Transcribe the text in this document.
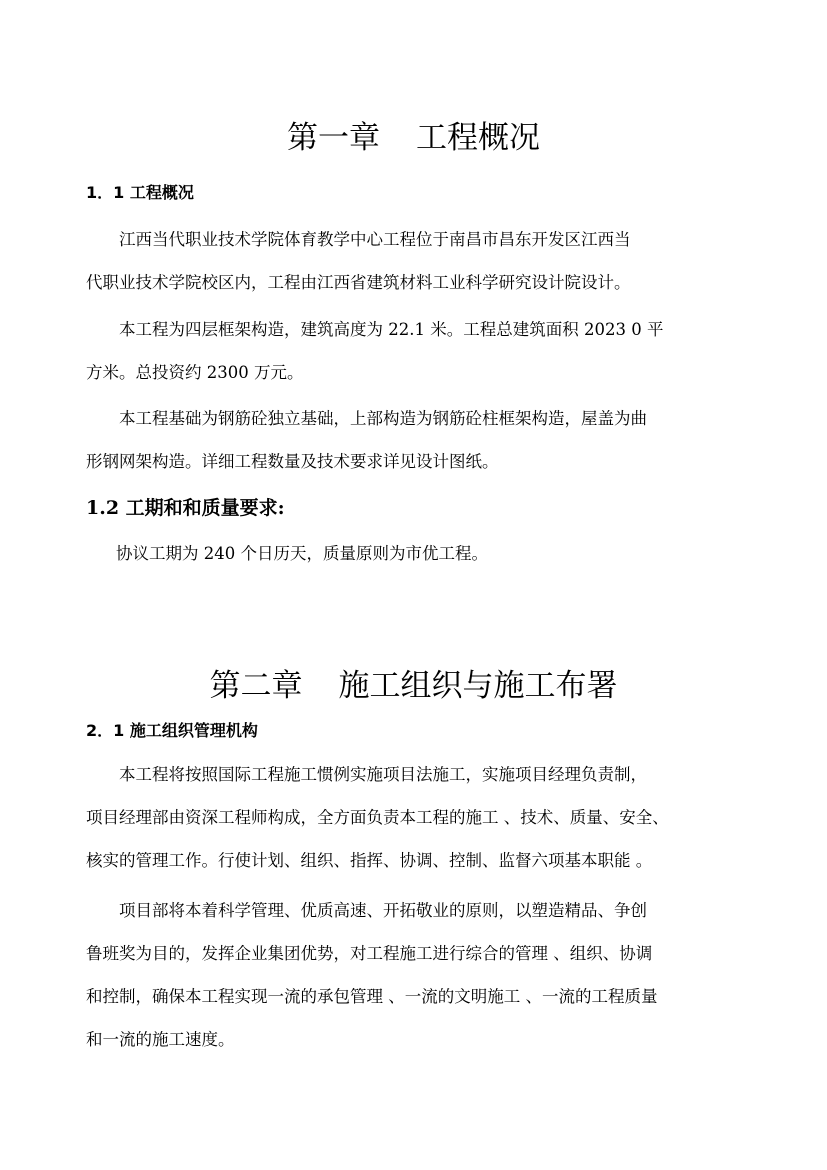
第一章 工程概况
1．1 工程概况
江西当代职业技术学院体育教学中心工程位于南昌市昌东开发区江西当
代职业技术学院校区内，工程由江西省建筑材料工业科学研究设计院设计。
本工程为四层框架构造，建筑高度为 22.1 米。工程总建筑面积 2023 0 平
方米。总投资约 2300 万元。
本工程基础为钢筋砼独立基础，上部构造为钢筋砼柱框架构造，屋盖为曲
形钢网架构造。详细工程数量及技术要求详见设计图纸。
1.2 工期和和质量要求:

协议工期为 240 个日历天，质量原则为市优工程。

第二章 施工组织与施工布署
2．1 施工组织管理机构
本工程将按照国际工程施工惯例实施项目法施工，实施项目经理负责制，
项目经理部由资深工程师构成，全方面负责本工程的施工 、技术、质量、安全、
核实的管理工作。行使计划、组织、指挥、协调、控制、监督六项基本职能 。
项目部将本着科学管理、优质高速、开拓敬业的原则，以塑造精品、争创
鲁班奖为目的，发挥企业集团优势，对工程施工进行综合的管理 、组织、协调
和控制，确保本工程实现一流的承包管理 、一流的文明施工 、一流的工程质量
和一流的施工速度。
